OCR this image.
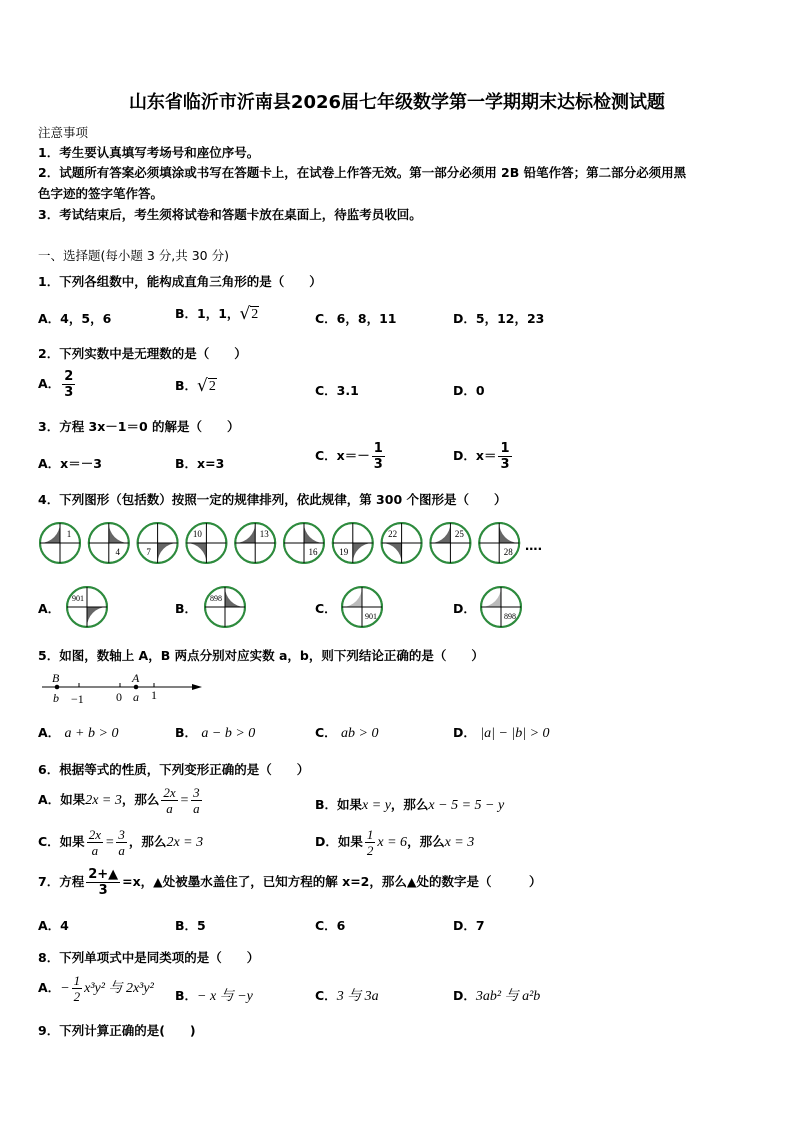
山东省临沂市沂南县2026届七年级数学第一学期期末达标检测试题
注意事项
1．考生要认真填写考场号和座位序号。
2．试题所有答案必须填涂或书写在答题卡上，在试卷上作答无效。第一部分必须用 2B 铅笔作答；第二部分必须用黑
色字迹的签字笔作答。
3．考试结束后，考生须将试卷和答题卡放在桌面上，待监考员收回。
一、选择题(每小题 3 分,共 30 分)
1．下列各组数中，能构成直角三角形的是（　　）
A．4，5，6	B．1，1， √ 2	C．6，8，11	D．5，12，23
2．下列实数中是无理数的是（　　）
A． $\frac{2}{3}$	B． √ 2	C．3.1	D．0
3．方程 3x－1＝0 的解是（　　）
A．x＝－3	B．x=3
C．$x=- \frac{1}{3}$	D．$x= \frac{1}{3}$
4．下列图形（包括数）按照一定的规律排列，依此规律，第 300 个图形是（　　）
1
4	7
10	13
16 19
22	25
28 ….
A．
901
B．
898
C．
901
D．
898
5．如图，数轴上 A，B 两点分别对应实数 a，b，则下列结论正确的是（　　）
B
b −1	0
A
a 1
A． a + b > 0	B． a − b > 0	C． ab > 0	D． |a| − |b| > 0
6．根据等式的性质，下列变形正确的是（　　）
A．如果2x = 3，那么 $\frac{2x}{a} = \frac{3}{a}$	B．如果x = y，那么x − 5 = 5 − y
C．如果 $\frac{2x}{a} = \frac{3}{a}$ ，那么2x = 3	D．如果 $\frac{1}{2}$ x = 6，那么x = 3
7．方程 $\frac{2+▲}{3} =x$，▲处被墨水盖住了，已知方程的解 x=2，那么▲处的数字是（　　　）
A．4	B．5	C．6	D．7
8．下列单项式中是同类项的是（　　）
A．− $\frac{1}{2} x^3y^2$ 与 2x³y² B．− x 与 −y	C．3 与 3a	D．3ab² 与 a²b
9．下列计算正确的是(　　)
